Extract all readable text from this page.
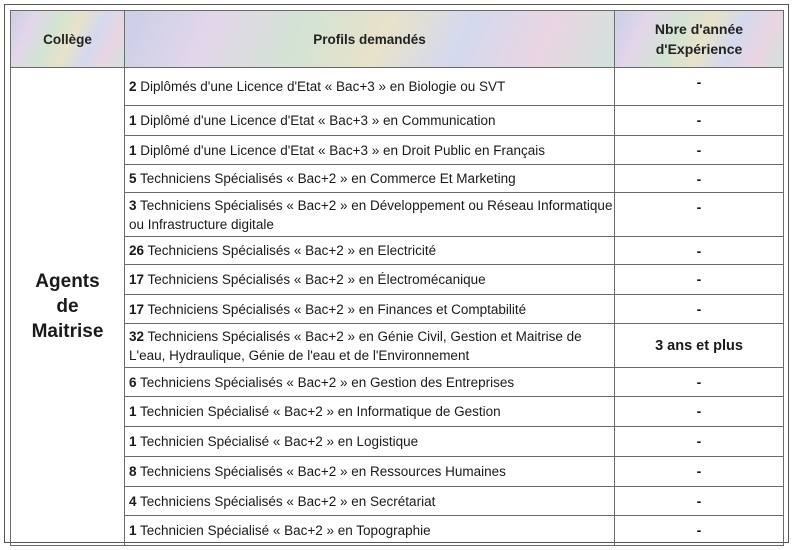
Collège	Profils demandés	Nbre d'année
d'Expérience
Agents
de
Maitrise	2 Diplômés d'une Licence d'Etat « Bac+3 » en Biologie ou SVT	-
	1 Diplômé d'une Licence d'Etat « Bac+3 » en Communication	-
	1 Diplômé d'une Licence d'Etat « Bac+3 » en Droit Public en Français	-
	5 Techniciens Spécialisés « Bac+2 » en Commerce Et Marketing	-
	3 Techniciens Spécialisés « Bac+2 » en Développement ou Réseau Informatique ou Infrastructure digitale	-
	26 Techniciens Spécialisés « Bac+2 » en Electricité	-
	17 Techniciens Spécialisés « Bac+2 » en Électromécanique	-
	17 Techniciens Spécialisés « Bac+2 » en Finances et Comptabilité	-
	32 Techniciens Spécialisés « Bac+2 » en Génie Civil, Gestion et Maitrise de L'eau, Hydraulique, Génie de l'eau et de l'Environnement	3 ans et plus
	6 Techniciens Spécialisés « Bac+2 » en Gestion des Entreprises	-
	1 Technicien Spécialisé « Bac+2 » en Informatique de Gestion	-
	1 Technicien Spécialisé « Bac+2 » en Logistique	-
	8 Techniciens Spécialisés « Bac+2 » en Ressources Humaines	-
	4 Techniciens Spécialisés « Bac+2 » en Secrétariat	-
	1 Technicien Spécialisé « Bac+2 » en Topographie	-
